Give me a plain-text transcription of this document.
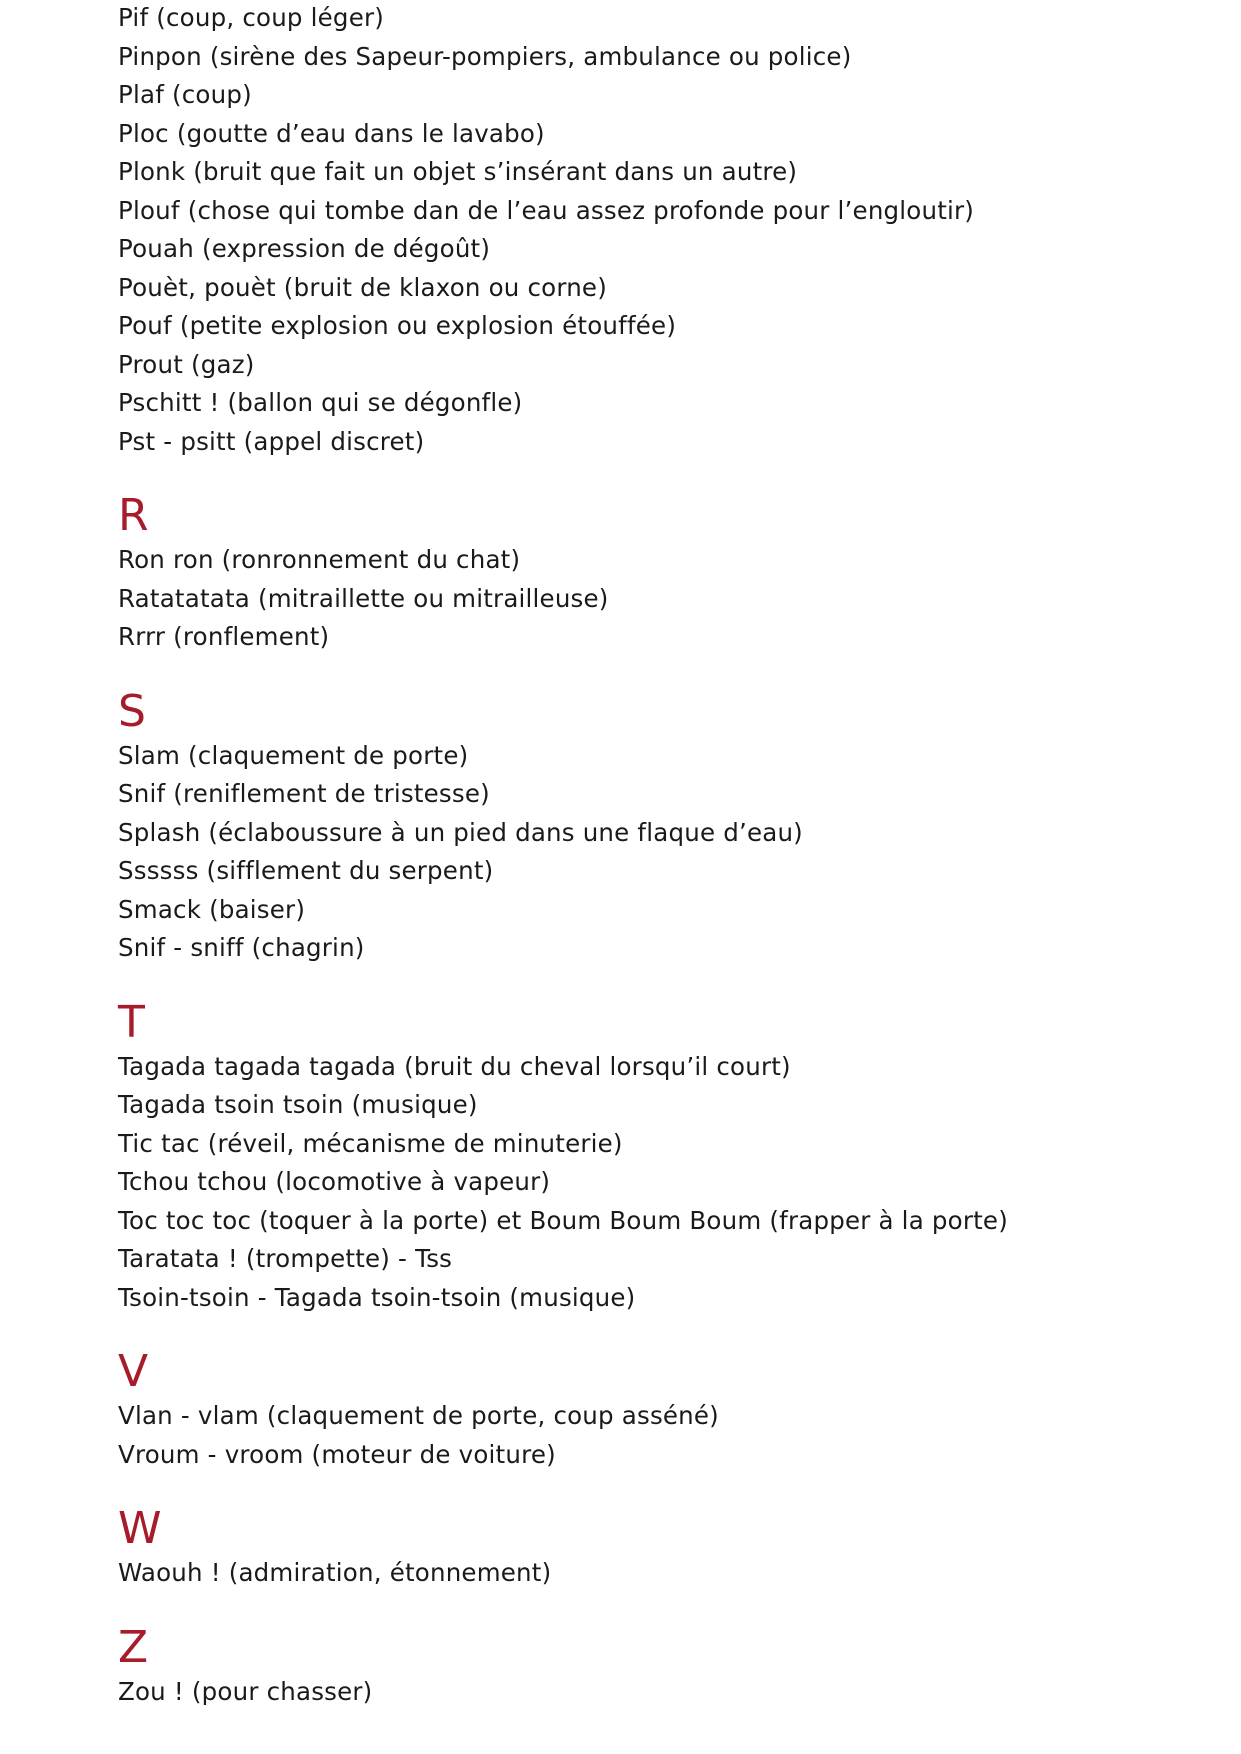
Pif (coup, coup léger)
Pinpon (sirène des Sapeur-pompiers, ambulance ou police)
Plaf (coup)
Ploc (goutte d’eau dans le lavabo)
Plonk (bruit que fait un objet s’insérant dans un autre)
Plouf (chose qui tombe dan de l’eau assez profonde pour l’engloutir)
Pouah (expression de dégoût)
Pouèt, pouèt (bruit de klaxon ou corne)
Pouf (petite explosion ou explosion étouffée)
Prout (gaz)
Pschitt ! (ballon qui se dégonfle)
Pst - psitt (appel discret)
R
Ron ron (ronronnement du chat)
Ratatatata (mitraillette ou mitrailleuse)
Rrrr (ronflement)
S
Slam (claquement de porte)
Snif (reniflement de tristesse)
Splash (éclaboussure à un pied dans une flaque d’eau)
Ssssss (sifflement du serpent)
Smack (baiser)
Snif - sniff (chagrin)
T
Tagada tagada tagada (bruit du cheval lorsqu’il court)
Tagada tsoin tsoin (musique)
Tic tac (réveil, mécanisme de minuterie)
Tchou tchou (locomotive à vapeur)
Toc toc toc (toquer à la porte) et Boum Boum Boum (frapper à la porte)
Taratata ! (trompette) - Tss
Tsoin-tsoin - Tagada tsoin-tsoin (musique)
V
Vlan - vlam (claquement de porte, coup asséné)
Vroum - vroom (moteur de voiture)
W
Waouh ! (admiration, étonnement)
Z
Zou ! (pour chasser)
